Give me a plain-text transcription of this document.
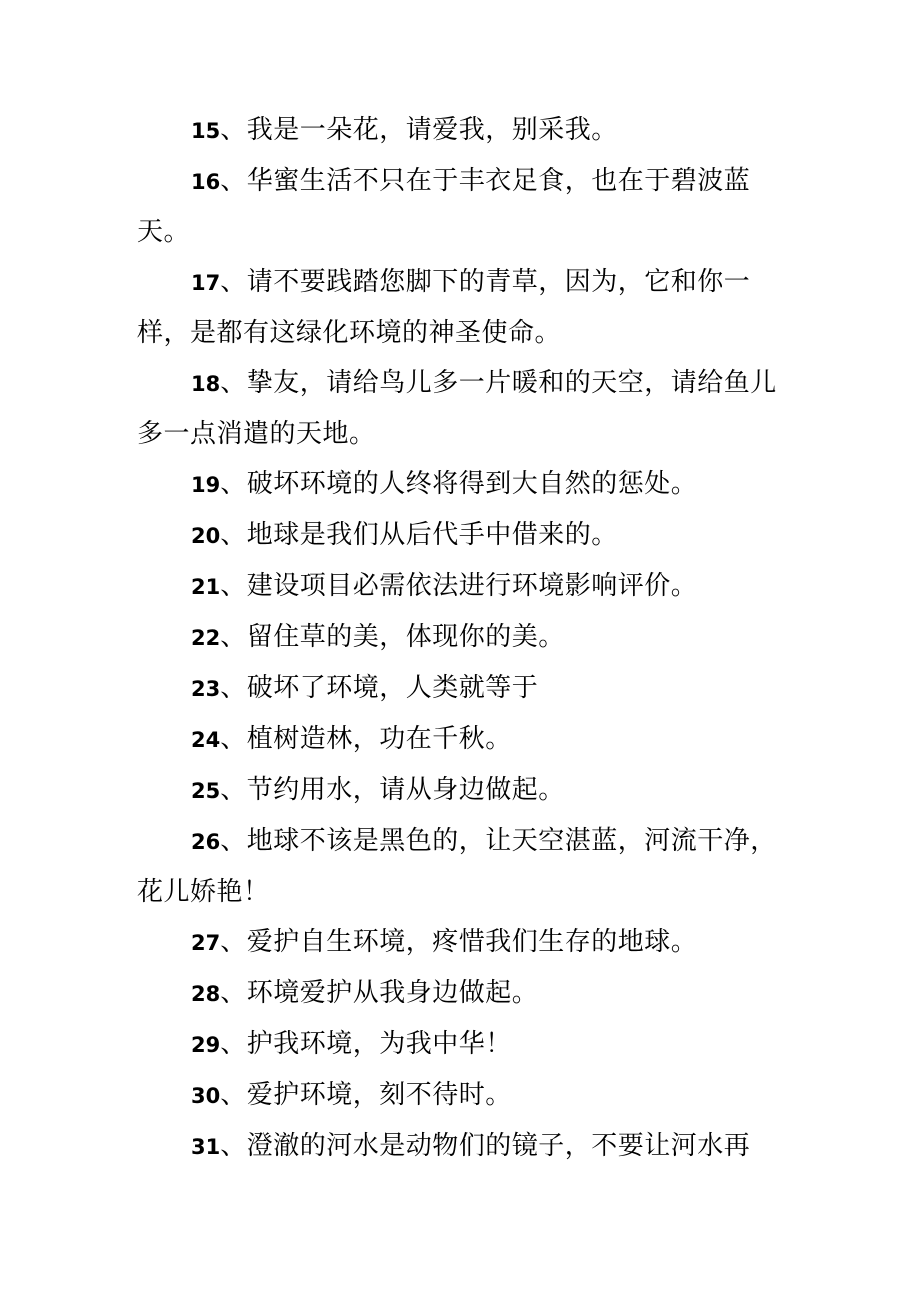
15、我是一朵花，请爱我，别采我。

16、华蜜生活不只在于丰衣足食，也在于碧波蓝天。

17、请不要践踏您脚下的青草，因为，它和你一样，是都有这绿化环境的神圣使命。

18、挚友，请给鸟儿多一片暖和的天空，请给鱼儿多一点消遣的天地。

19、破坏环境的人终将得到大自然的惩处。

20、地球是我们从后代手中借来的。

21、建设项目必需依法进行环境影响评价。

22、留住草的美，体现你的美。

23、破坏了环境，人类就等于

24、植树造林，功在千秋。

25、节约用水，请从身边做起。

26、地球不该是黑色的，让天空湛蓝，河流干净，花儿娇艳！

27、爱护自生环境，疼惜我们生存的地球。

28、环境爱护从我身边做起。

29、护我环境，为我中华！

30、爱护环境，刻不待时。

31、澄澈的河水是动物们的镜子，不要让河水再
